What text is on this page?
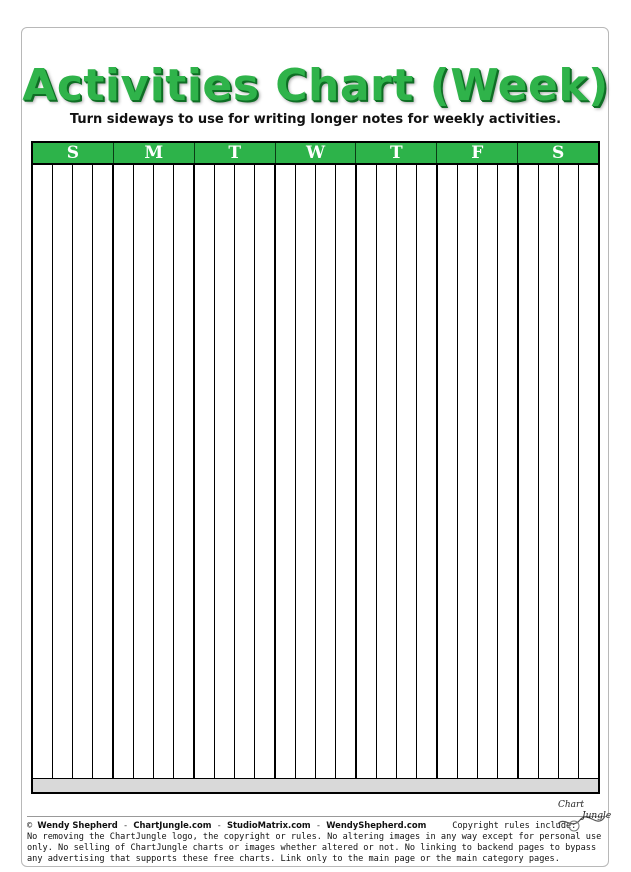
Activities Chart (Week)
Turn sideways to use for writing longer notes for weekly activities.
S	M	T	W	T	F	S
© Wendy Shepherd - ChartJungle.com - StudioMatrix.com - WendyShepherd.com	Copyright rules include:
No removing the ChartJungle logo, the copyright or rules. No altering images in any way except for personal use only. No selling of ChartJungle charts or images whether altered or not. No linking to backend pages to bypass any advertising that supports these free charts. Link only to the main page or the main category pages.
Chart
Jungle
